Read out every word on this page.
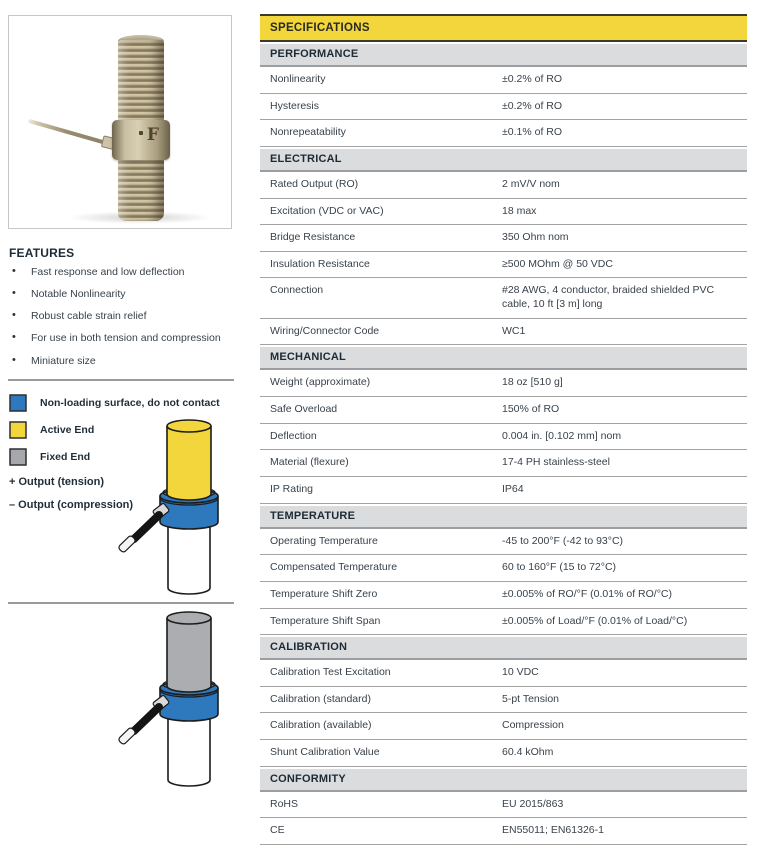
F
FEATURES
• Fast response and low deflection
• Notable Nonlinearity
• Robust cable strain relief
• For use in both tension and compression
• Miniature size
Non-loading surface, do not contact
Active End
Fixed End
+ Output (tension)
– Output (compression)
SPECIFICATIONS
PERFORMANCE
Nonlinearity	±0.2% of RO
Hysteresis	±0.2% of RO
Nonrepeatability	±0.1% of RO
ELECTRICAL
Rated Output (RO)	2 mV/V nom
Excitation (VDC or VAC)	18 max
Bridge Resistance	350 Ohm nom
Insulation Resistance	≥500 MOhm @ 50 VDC
Connection	#28 AWG, 4 conductor, braided shielded PVC cable, 10 ft [3 m] long
Wiring/Connector Code	WC1
MECHANICAL
Weight (approximate)	18 oz [510 g]
Safe Overload	150% of RO
Deflection	0.004 in. [0.102 mm] nom
Material (flexure)	17-4 PH stainless-steel
IP Rating	IP64
TEMPERATURE
Operating Temperature	-45 to 200°F (-42 to 93°C)
Compensated Temperature	60 to 160°F (15 to 72°C)
Temperature Shift Zero	±0.005% of RO/°F (0.01% of RO/°C)
Temperature Shift Span	±0.005% of Load/°F (0.01% of Load/°C)
CALIBRATION
Calibration Test Excitation	10 VDC
Calibration (standard)	5-pt Tension
Calibration (available)	Compression
Shunt Calibration Value	60.4 kOhm
CONFORMITY
RoHS	EU 2015/863
CE	EN55011; EN61326-1
